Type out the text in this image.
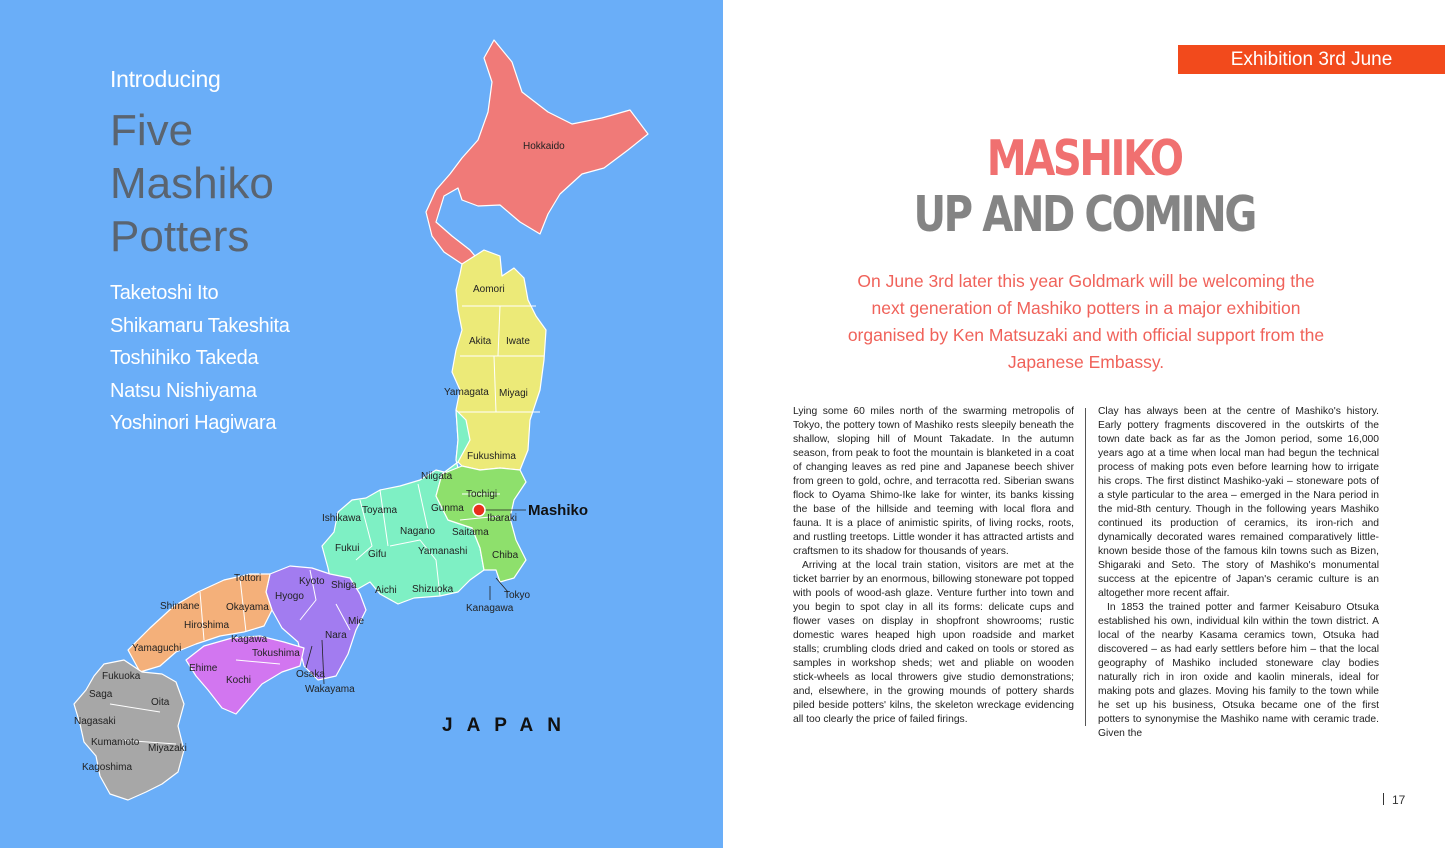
Hokkaido
Aomori
Akita Iwate
Yamagata Miyagi
Fukushima
Niigata
Tochigi
Gunma
Ibaraki
Toyama
Ishikawa
Nagano Saitama
Fukui
Gifu	Yamanashi Chiba
Tottori	Kyoto Shiga Aichi Shizuoka
Tokyo
Kanagawa
Shimane	Okayama
Hyogo
Hiroshima	Mie
Kagawa	Nara
Yamaguchi	Tokushima
Ehime
Osaka
Fukuoka	Kochi
Wakayama
Saga
Oita
Nagasaki
Kumamoto
Miyazaki
Kagoshima
Mashiko
JAPAN
Introducing
Five
Mashiko
Potters
Taketoshi Ito
Shikamaru Takeshita
Toshihiko Takeda
Natsu Nishiyama
Yoshinori Hagiwara
Exhibition 3rd June
MASHIKO
UP AND COMING
On June 3rd later this year Goldmark will be welcoming the next generation of Mashiko potters in a major exhibition organised by Ken Matsuzaki and with official support from the Japanese Embassy.

Lying some 60 miles north of the swarming metropolis of Tokyo, the pottery town of Mashiko rests sleepily beneath the shallow, sloping hill of Mount Takadate. In the autumn season, from peak to foot the mountain is blanketed in a coat of changing leaves as red pine and Japanese beech shiver from green to gold, ochre, and terracotta red. Siberian swans flock to Oyama Shimo-Ike lake for winter, its banks kissing the base of the hillside and teeming with local flora and fauna. It is a place of animistic spirits, of living rocks, roots, and rustling treetops. Little wonder it has attracted artists and craftsmen to its shadow for thousands of years.

Arriving at the local train station, visitors are met at the ticket barrier by an enormous, billowing stoneware pot topped with pools of wood-ash glaze. Venture further into town and you begin to spot clay in all its forms: delicate cups and flower vases on display in shopfront showrooms; rustic domestic wares heaped high upon roadside and market stalls; crumbling clods dried and caked on tools or stored as samples in workshop sheds; wet and pliable on wooden stick-wheels as local throwers give studio demonstrations; and, elsewhere, in the growing mounds of pottery shards piled beside potters' kilns, the skeleton wreckage evidencing all too clearly the price of failed firings.

Clay has always been at the centre of Mashiko's history. Early pottery fragments discovered in the outskirts of the town date back as far as the Jomon period, some 16,000 years ago at a time when local man had begun the technical process of making pots even before learning how to irrigate his crops. The first distinct Mashiko-yaki – stoneware pots of a style particular to the area – emerged in the Nara period in the mid-8th century. Though in the following years Mashiko continued its production of ceramics, its iron-rich and dynamically decorated wares remained comparatively little-known beside those of the famous kiln towns such as Bizen, Shigaraki and Seto. The story of Mashiko's monumental success at the epicentre of Japan's ceramic culture is an altogether more recent affair.

In 1853 the trained potter and farmer Keisaburo Otsuka established his own, individual kiln within the town district. A local of the nearby Kasama ceramics town, Otsuka had discovered – as had early settlers before him – that the local geography of Mashiko included stoneware clay bodies naturally rich in iron oxide and kaolin minerals, ideal for making pots and glazes. Moving his family to the town while he set up his business, Otsuka became one of the first potters to synonymise the Mashiko name with ceramic trade. Given the

17
